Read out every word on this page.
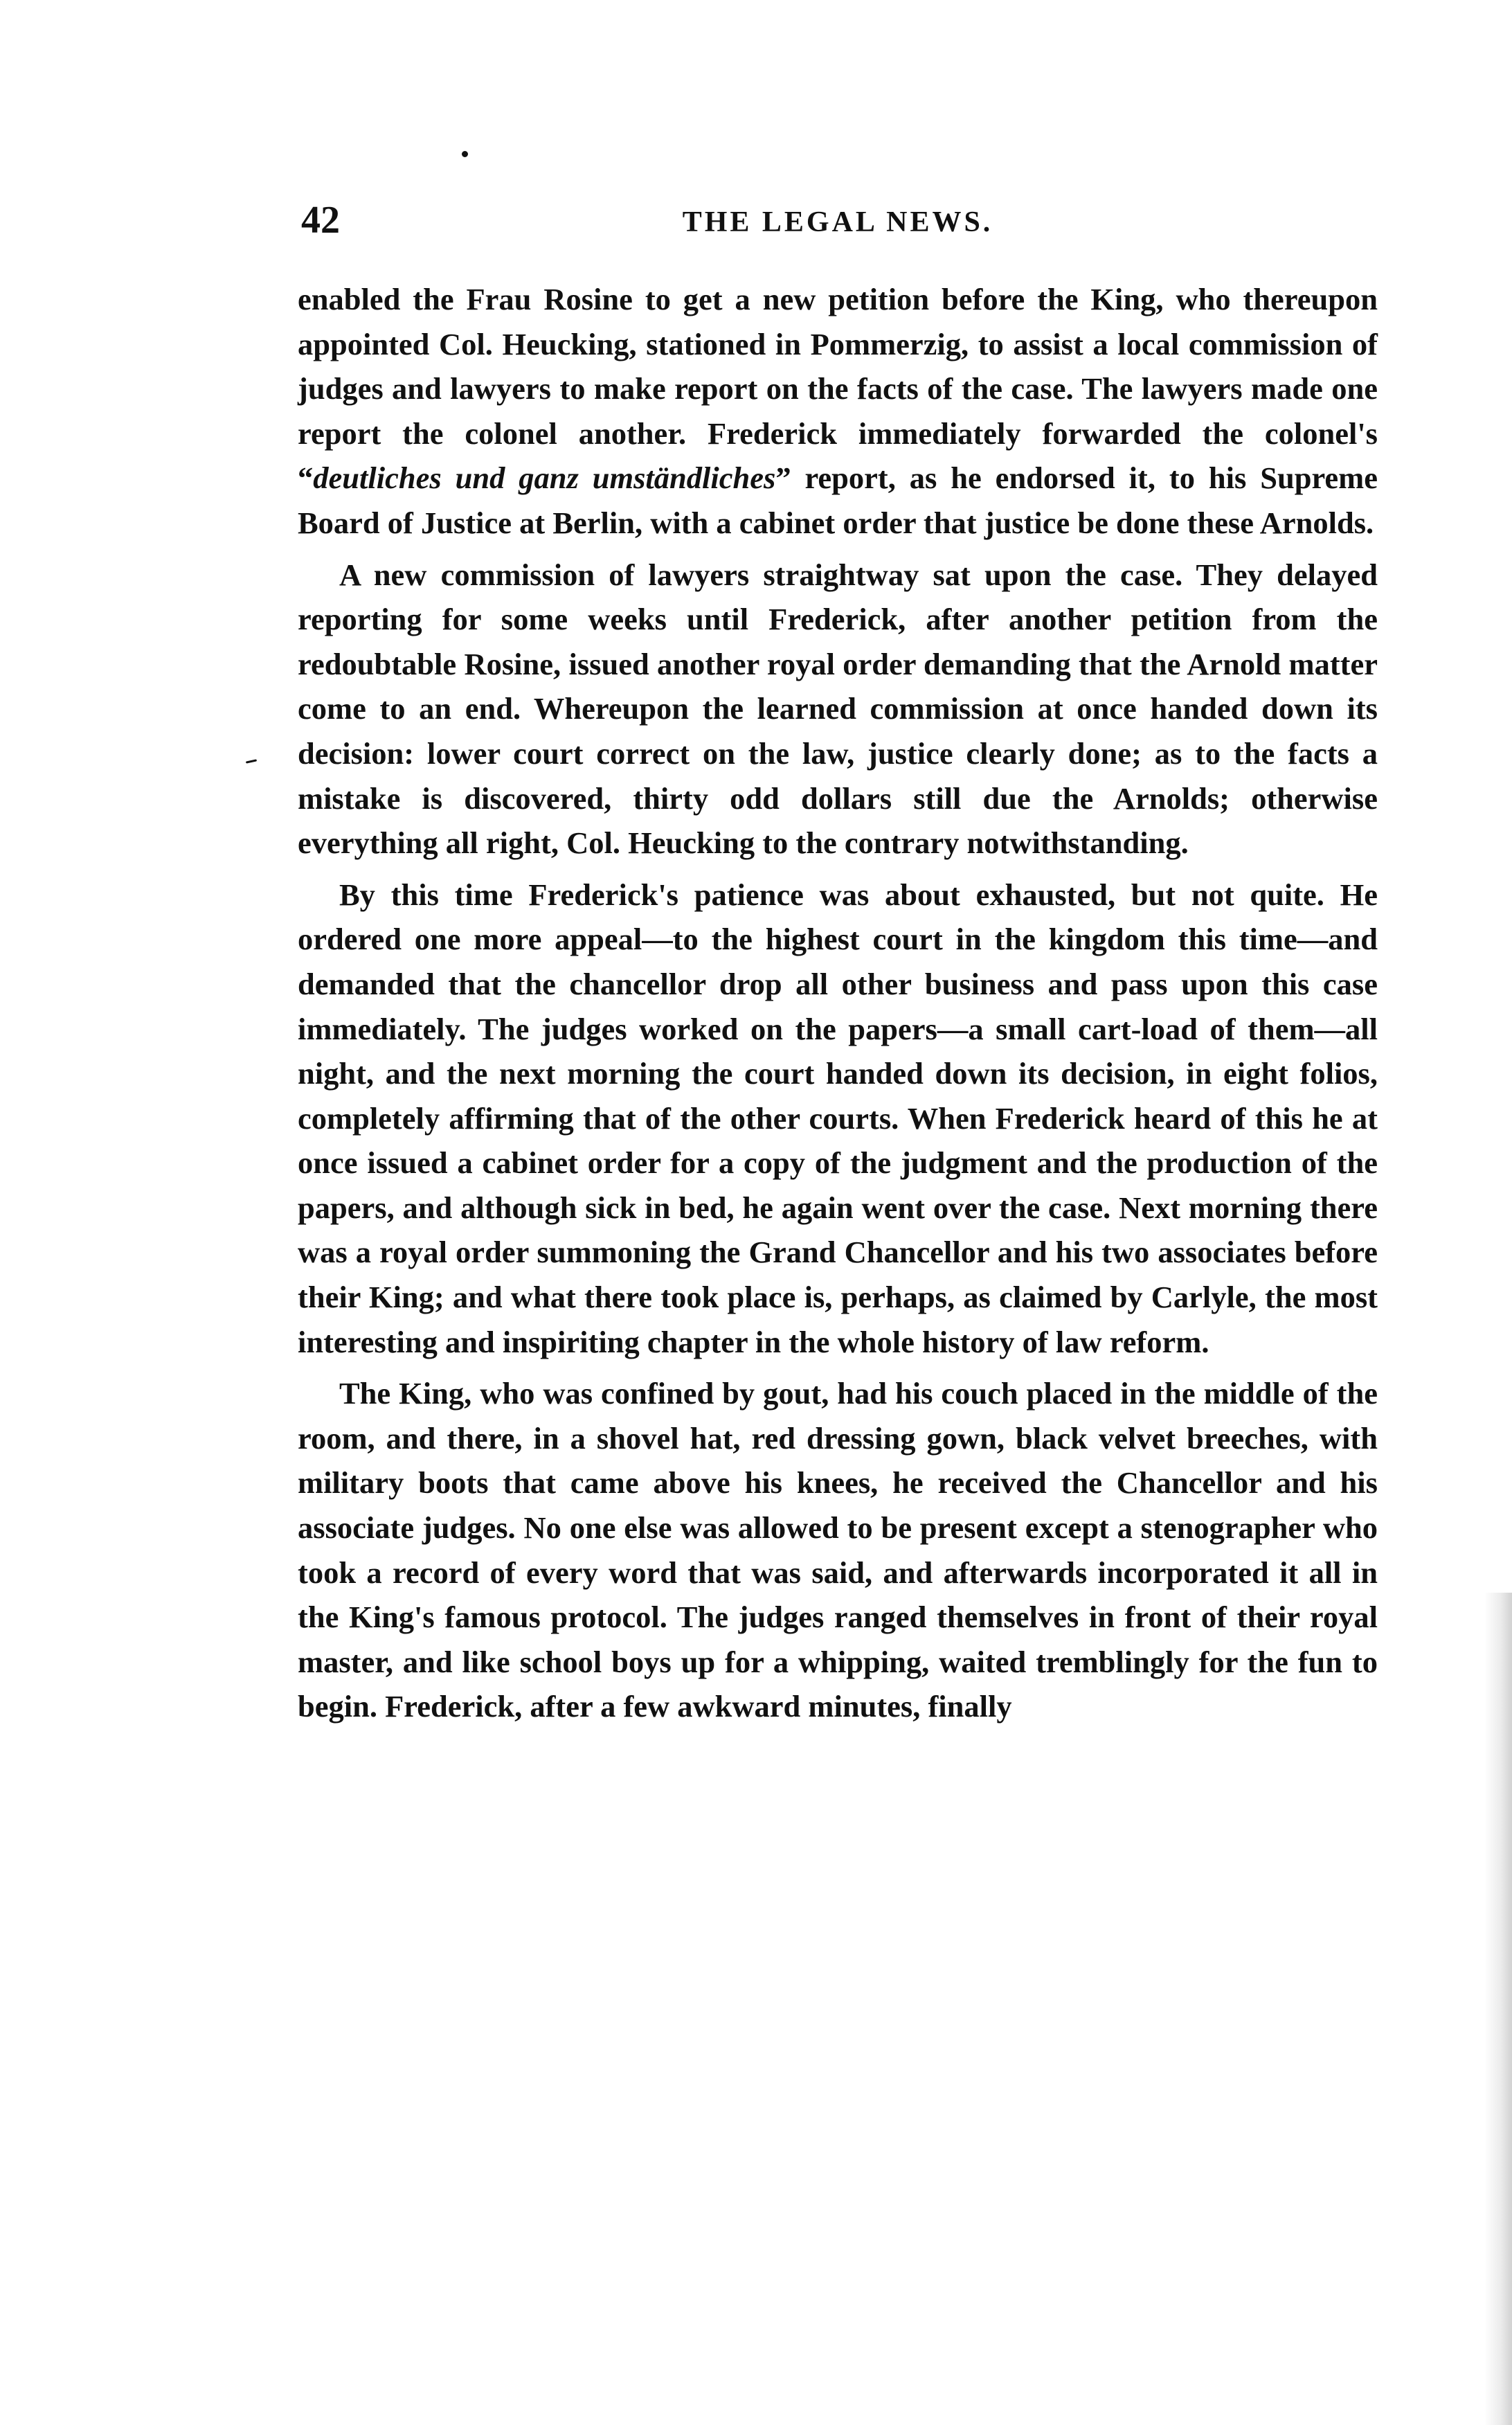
42	THE LEGAL NEWS.

enabled the Frau Rosine to get a new petition before the King, who thereupon appointed Col. Heucking, stationed in Pommerzig, to assist a local commission of judges and lawyers to make report on the facts of the case. The lawyers made one report the colonel another. Frederick immediately forwarded the colonel's “deutliches und ganz umständliches” report, as he endorsed it, to his Supreme Board of Justice at Berlin, with a cabinet order that justice be done these Arnolds.

A new commission of lawyers straightway sat upon the case. They delayed reporting for some weeks until Frederick, after another petition from the redoubtable Rosine, issued another royal order demanding that the Arnold matter come to an end. Whereupon the learned commission at once handed down its decision: lower court correct on the law, justice clearly done; as to the facts a mistake is discovered, thirty odd dollars still due the Arnolds; otherwise everything all right, Col. Heucking to the contrary notwithstanding.

By this time Frederick's patience was about exhausted, but not quite. He ordered one more appeal—to the highest court in the kingdom this time—and demanded that the chancellor drop all other business and pass upon this case immediately. The judges worked on the papers—a small cart-load of them—all night, and the next morning the court handed down its decision, in eight folios, completely affirming that of the other courts. When Frederick heard of this he at once issued a cabinet order for a copy of the judgment and the production of the papers, and although sick in bed, he again went over the case. Next morning there was a royal order summoning the Grand Chancellor and his two associates before their King; and what there took place is, perhaps, as claimed by Carlyle, the most interesting and inspiriting chapter in the whole history of law reform.

The King, who was confined by gout, had his couch placed in the middle of the room, and there, in a shovel hat, red dressing gown, black velvet breeches, with military boots that came above his knees, he received the Chancellor and his associate judges. No one else was allowed to be present except a stenographer who took a record of every word that was said, and afterwards incorporated it all in the King's famous protocol. The judges ranged themselves in front of their royal master, and like school boys up for a whipping, waited tremblingly for the fun to begin. Frederick, after a few awkward minutes, finally
